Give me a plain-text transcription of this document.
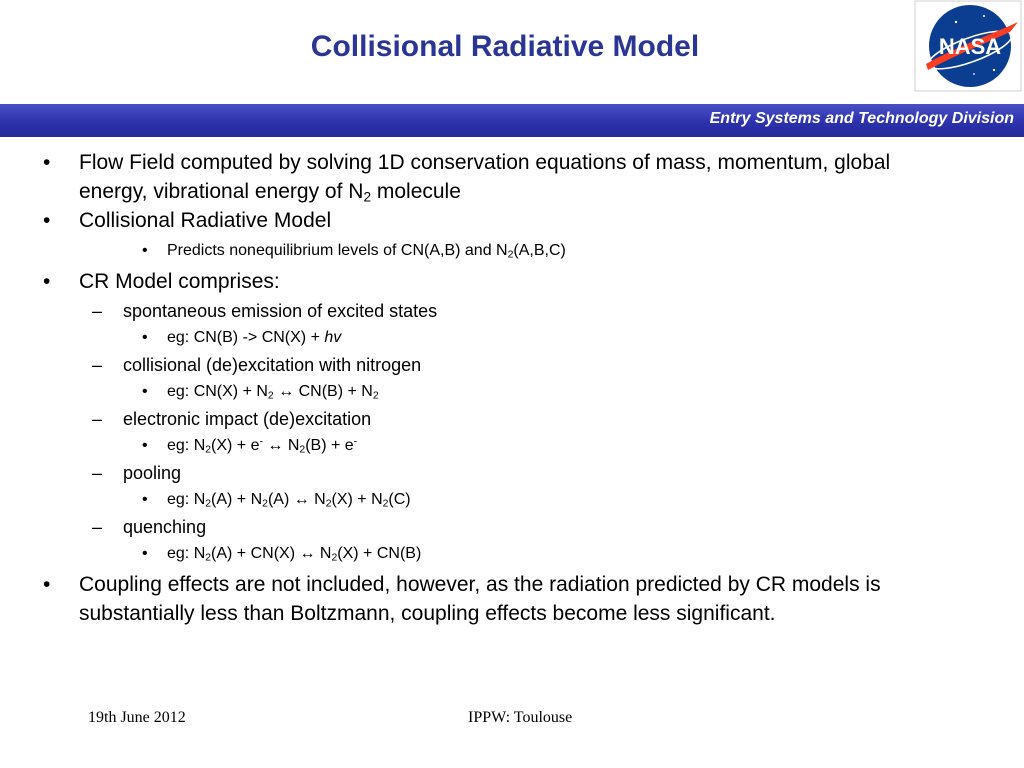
Collisional Radiative Model	NASA
Entry Systems and Technology Division
• Flow Field computed by solving 1D conservation equations of mass, momentum, global energy, vibrational energy of $N_2$ molecule
• Collisional Radiative Model
• Predicts nonequilibrium levels of CN(A,B) and $N_2(A,B,C)$
• CR Model comprises:
– spontaneous emission of excited states
• eg: CN(B) -> CN(X) + hv
– collisional (de)excitation with nitrogen
• eg: $CN(X) + N_2$ ↔ $CN(B) + N_2$
– electronic impact (de)excitation
• eg: $N_2(X) + e^-$ ↔ $N_2(B) + e^-$
– pooling
• eg: $N_2(A) + N_2(A)$ ↔ $N_2(X) + N_2(C)$
– quenching
• eg: $N_2(A) + CN(X)$ ↔ $N_2(X) + CN(B)$
• Coupling effects are not included, however, as the radiation predicted by CR models is substantially less than Boltzmann, coupling effects become less significant.
19th June 2012	IPPW: Toulouse
